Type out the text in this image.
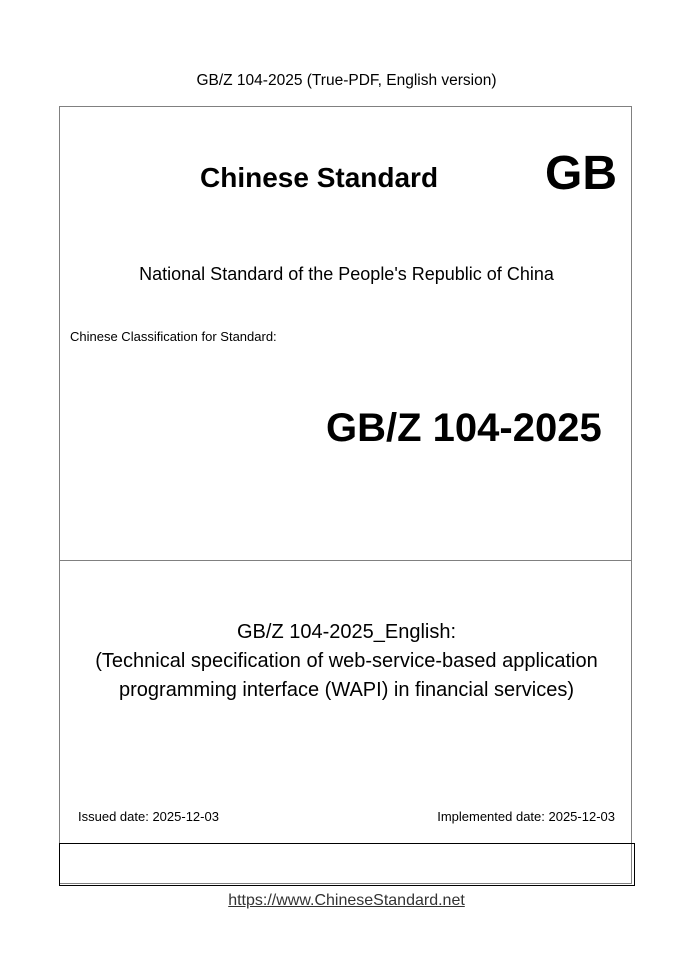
GB/Z 104-2025 (True-PDF, English version)
Chinese Standard GB
National Standard of the People's Republic of China
Chinese Classification for Standard:
GB/Z 104-2025
GB/Z 104-2025_English:
(Technical specification of web-service-based application
programming interface (WAPI) in financial services)
Issued date: 2025-12-03	Implemented date: 2025-12-03
https://www.ChineseStandard.net
